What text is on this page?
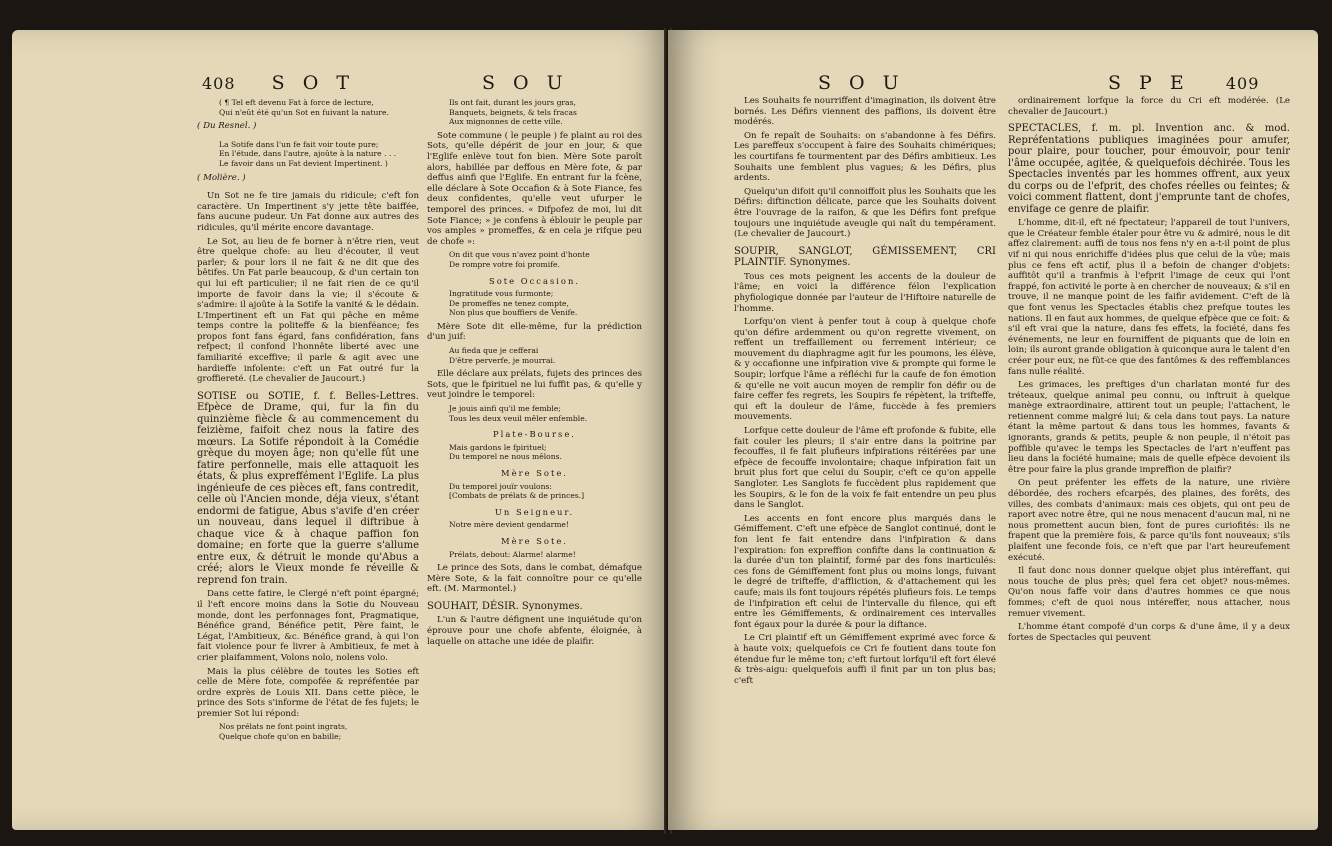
408 S O T	S O U
( ¶ Tel eft devenu Fat à force de lecture,
Qui n'eût été qu'un Sot en fuivant la nature.

( Du Resnel. )

La Sotife dans l'un fe fait voir toute pure;
En l'étude, dans l'autre, ajoûte à la nature . . .
Le favoir dans un Fat devient Impertinent. )

( Molière. )

Un Sot ne fe tire jamais du ridicule; c'eft fon caractère. Un Impertinent s'y jette tête baiffée, fans aucune pudeur. Un Fat donne aux autres des ridicules, qu'il mérite encore davantage.

Le Sot, au lieu de fe borner à n'être rien, veut être quelque chofe: au lieu d'écouter, il veut parler; & pour lors il ne fait & ne dit que des bêtifes. Un Fat parle beaucoup, & d'un certain ton qui lui eft particulier; il ne fait rien de ce qu'il importe de favoir dans la vie; il s'écoute & s'admire: il ajoûte à la Sotife la vanité & le dédain. L'Impertinent eft un Fat qui pêche en même temps contre la politeffe & la bienféance; fes propos font fans égard, fans confidération, fans refpect; il confond l'honnête liberté avec une familiarité exceffive; il parle & agit avec une hardieffe infolente: c'eft un Fat outré fur la groffiereté. (Le chevalier de Jaucourt.)

SOTISE ou SOTIE, f. f. Belles-Lettres. Efpèce de Drame, qui, fur la fin du quinzième fiècle & au commencement du feizième, faifoit chez nous la fatire des mœurs. La Sotife répondoit à la Comédie grèque du moyen âge; non qu'elle fût une fatire perfonnelle, mais elle attaquoit les états, & plus expreffément l'Eglife. La plus ingénieufe de ces pièces eft, fans contredit, celle où l'Ancien monde, déja vieux, s'étant endormi de fatigue, Abus s'avife d'en créer un nouveau, dans lequel il diftribue à chaque vice & à chaque paffion fon domaine; en forte que la guerre s'allume entre eux, & détruit le monde qu'Abus a créé; alors le Vieux monde fe réveille & reprend fon train.

Dans cette fatire, le Clergé n'eft point épargné; il l'eft encore moins dans la Sotie du Nouveau monde, dont les perfonnages font, Pragmatique, Bénéfice grand, Bénéfice petit, Père faint, le Légat, l'Ambitieux, &c. Bénéfice grand, à qui l'on fait violence pour fe livrer à Ambitieux, fe met à crier plaifamment, Volons nolo, nolens volo.

Mais la plus célèbre de toutes les Soties eft celle de Mère fote, compofée & repréfentée par ordre exprès de Louis XII. Dans cette pièce, le prince des Sots s'informe de l'état de fes fujets; le premier Sot lui répond:

Nos prélats ne font point ingrats,
Quelque chofe qu'on en babille;
Ils ont fait, durant les jours gras,
Banquets, beignets, & tels fracas
Aux mignonnes de cette ville.

Sote commune ( le peuple ) fe plaint au roi des Sots, qu'elle dépérit de jour en jour, & que l'Eglife enlève tout fon bien. Mère Sote paroît alors, habillée par deffous en Mère fote, & par deffus ainfi que l'Eglife. En entrant fur la fcène, elle déclare à Sote Occafion & à Sote Fiance, fes deux confidentes, qu'elle veut ufurper le temporel des princes. « Difpofez de moi, lui dit Sote Fiance; » je confens à éblouir le peuple par vos amples » promeffes, & en cela je rifque peu de chofe »:

On dit que vous n'avez point d'honte
De rompre votre foi promife.

Sote Occasion.

Ingratitude vous furmonte;
De promeffes ne tenez compte,
Non plus que bouffiers de Venife.

Mère Sote dit elle-même, fur la prédiction d'un juif:

Au fieda que je cefferai
D'être perverfe, je mourrai.

Elle déclare aux prélats, fujets des princes des Sots, que le fpirituel ne lui fuffit pas, & qu'elle y veut joindre le temporel:

Je jouis ainfi qu'il me femble;
Tous les deux veuil mêler enfemble.

Plate-Bourse.

Mais gardons le fpirituel;
Du temporel ne nous mêlons.

Mère Sote.

Du temporel jouïr voulons:
[Combats de prélats & de princes.]

Un Seigneur.

Notre mère devient gendarme!

Mère Sote.

Prélats, debout: Alarme! alarme!

Le prince des Sots, dans le combat, démafque Mère Sote, & la fait connoître pour ce qu'elle eft. (M. Marmontel.)

SOUHAIT, DÉSIR. Synonymes.

L'un & l'autre défignent une inquiétude qu'on éprouve pour une chofe abfente, éloignée, à laquelle on attache une idée de plaifir.

S O U	S P E 409

Les Souhaits fe nourriffent d'imagination, ils doivent être bornés. Les Défirs viennent des paffions, ils doivent être modérés.

On fe repaît de Souhaits: on s'abandonne à fes Défirs. Les pareffeux s'occupent à faire des Souhaits chimériques; les courtifans fe tourmentent par des Défirs ambitieux. Les Souhaits une femblent plus vagues; & les Défirs, plus ardents.

Quelqu'un difoit qu'il connoiffoit plus les Souhaits que les Défirs: diftinction délicate, parce que les Souhaits doivent être l'ouvrage de la raifon, & que les Défirs font prefque toujours une inquiétude aveugle qui naît du tempérament. (Le chevalier de Jaucourt.)

SOUPIR, SANGLOT, GÉMISSEMENT, CRI PLAINTIF. Synonymes.

Tous ces mots peignent les accents de la douleur de l'âme; en voici la différence félon l'explication phyfiologique donnée par l'auteur de l'Hiftoire naturelle de l'homme.

Lorfqu'on vient à penfer tout à coup à quelque chofe qu'on défire ardemment ou qu'on regrette vivement, on reffent un treffaillement ou ferrement intérieur; ce mouvement du diaphragme agit fur les poumons, les élève, & y occafionne une infpiration vive & prompte qui forme le Soupir; lorfque l'âme a réfléchi fur la caufe de fon émotion & qu'elle ne voit aucun moyen de remplir fon défir ou de faire ceffer fes regrets, les Soupirs fe répètent, la trifteffe, qui eft la douleur de l'âme, fuccède à fes premiers mouvements.

Lorfque cette douleur de l'âme eft profonde & fubite, elle fait couler les pleurs; il s'air entre dans la poitrine par fecouffes, il fe fait plufieurs infpirations réitérées par une efpèce de fecouffe involontaire; chaque infpiration fait un bruit plus fort que celui du Soupir, c'eft ce qu'on appelle Sangloter. Les Sanglots fe fuccèdent plus rapidement que les Soupirs, & le fon de la voix fe fait entendre un peu plus dans le Sanglot.

Les accents en font encore plus marqués dans le Gémiffement. C'eft une efpèce de Sanglot continué, dont le fon lent fe fait entendre dans l'infpiration & dans l'expiration: fon expreffion confifte dans la continuation & la durée d'un ton plaintif, formé par des fons inarticulés: ces fons de Gémiffement font plus ou moins longs, fuivant le degré de trifteffe, d'affliction, & d'attachement qui les caufe; mais ils font toujours répétés plufieurs fois. Le temps de l'infpiration eft celui de l'intervalle du filence, qui eft entre les Gémiffements, & ordinairement ces intervalles font égaux pour la durée & pour la diftance.

Le Cri plaintif eft un Gémiffement exprimé avec force & à haute voix; quelquefois ce Cri fe foutient dans toute fon étendue fur le même ton; c'eft furtout lorfqu'il eft fort élevé & très-aigu: quelquefois auffi il finit par un ton plus bas; c'eft

ordinairement lorfque la force du Cri eft modérée. (Le chevalier de Jaucourt.)

SPECTACLES, f. m. pl. Invention anc. & mod. Repréfentations publiques imaginées pour amufer, pour plaire, pour toucher, pour émouvoir, pour tenir l'âme occupée, agitée, & quelquefois déchirée. Tous les Spectacles inventés par les hommes offrent, aux yeux du corps ou de l'efprit, des chofes réelles ou feintes; & voici comment flattent, dont j'emprunte tant de chofes, envifage ce genre de plaifir.

L'homme, dit-il, eft né fpectateur; l'appareil de tout l'univers, que le Créateur femble étaler pour être vu & admiré, nous le dit affez clairement: auffi de tous nos fens n'y en a-t-il point de plus vif ni qui nous enrichiffe d'idées plus que celui de la vûe; mais plus ce fens eft actif, plus il a befoin de changer d'objets: auffitôt qu'il a tranfmis à l'efprit l'image de ceux qui l'ont frappé, fon activité le porte à en chercher de nouveaux; & s'il en trouve, il ne manque point de les faifir avidement. C'eft de là que font venus les Spectacles établis chez prefque toutes les nations. Il en faut aux hommes, de quelque efpèce que ce foit: & s'il eft vrai que la nature, dans fes effets, la fociété, dans fes événements, ne leur en fourniffent de piquants que de loin en loin; ils auront grande obligation à quiconque aura le talent d'en créer pour eux, ne fût-ce que des fantômes & des reffemblances fans nulle réalité.

Les grimaces, les preftiges d'un charlatan monté fur des tréteaux, quelque animal peu connu, ou inftruit à quelque manège extraordinaire, attirent tout un peuple; l'attachent, le retiennent comme malgré lui; & cela dans tout pays. La nature étant la même partout & dans tous les hommes, favants & ignorants, grands & petits, peuple & non peuple, il n'étoit pas poffible qu'avec le temps les Spectacles de l'art n'euffent pas lieu dans la fociété humaine; mais de quelle efpèce devoient ils être pour faire la plus grande impreffion de plaifir?

On peut préfenter les effets de la nature, une rivière débordée, des rochers efcarpés, des plaines, des forêts, des villes, des combats d'animaux: mais ces objets, qui ont peu de raport avec notre être, qui ne nous menacent d'aucun mal, ni ne nous promettent aucun bien, font de pures curiofités: ils ne frapent que la première fois, & parce qu'ils font nouveaux; s'ils plaifent une feconde fois, ce n'eft que par l'art heureufement exécuté.

Il faut donc nous donner quelque objet plus intéreffant, qui nous touche de plus près; quel fera cet objet? nous-mêmes. Qu'on nous faffe voir dans d'autres hommes ce que nous fommes; c'eft de quoi nous intéreffer, nous attacher, nous remuer vivement.

L'homme étant compofé d'un corps & d'une âme, il y a deux fortes de Spectacles qui peuvent
